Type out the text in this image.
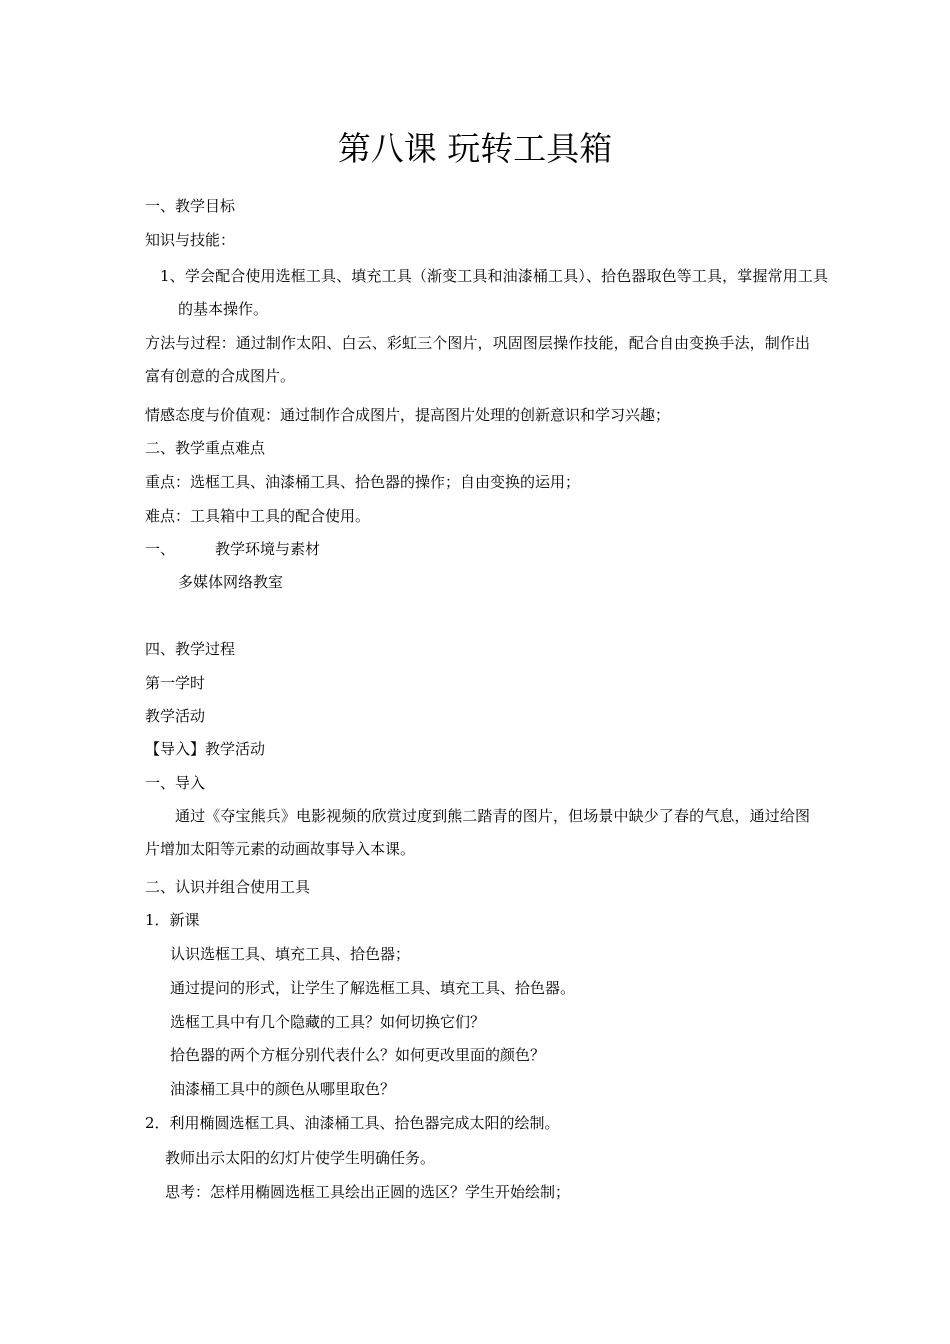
第八课 玩转工具箱

一、教学目标

知识与技能：

1、学会配合使用选框工具、填充工具（渐变工具和油漆桶工具）、拾色器取色等工具，掌握常用工具的基本操作。

方法与过程：通过制作太阳、白云、彩虹三个图片，巩固图层操作技能，配合自由变换手法，制作出富有创意的合成图片。

情感态度与价值观：通过制作合成图片，提高图片处理的创新意识和学习兴趣；

二、教学重点难点

重点：选框工具、油漆桶工具、拾色器的操作；自由变换的运用；

难点：工具箱中工具的配合使用。

一、	教学环境与素材

多媒体网络教室

四、教学过程

第一学时

教学活动

【导入】教学活动

一、导入

通过《夺宝熊兵》电影视频的欣赏过度到熊二踏青的图片，但场景中缺少了春的气息，通过给图片增加太阳等元素的动画故事导入本课。

二、认识并组合使用工具

1．新课

认识选框工具、填充工具、拾色器；

通过提问的形式，让学生了解选框工具、填充工具、拾色器。

选框工具中有几个隐藏的工具？如何切换它们？

拾色器的两个方框分别代表什么？如何更改里面的颜色？

油漆桶工具中的颜色从哪里取色？

2．利用椭圆选框工具、油漆桶工具、拾色器完成太阳的绘制。

教师出示太阳的幻灯片使学生明确任务。

思考：怎样用椭圆选框工具绘出正圆的选区？学生开始绘制；
